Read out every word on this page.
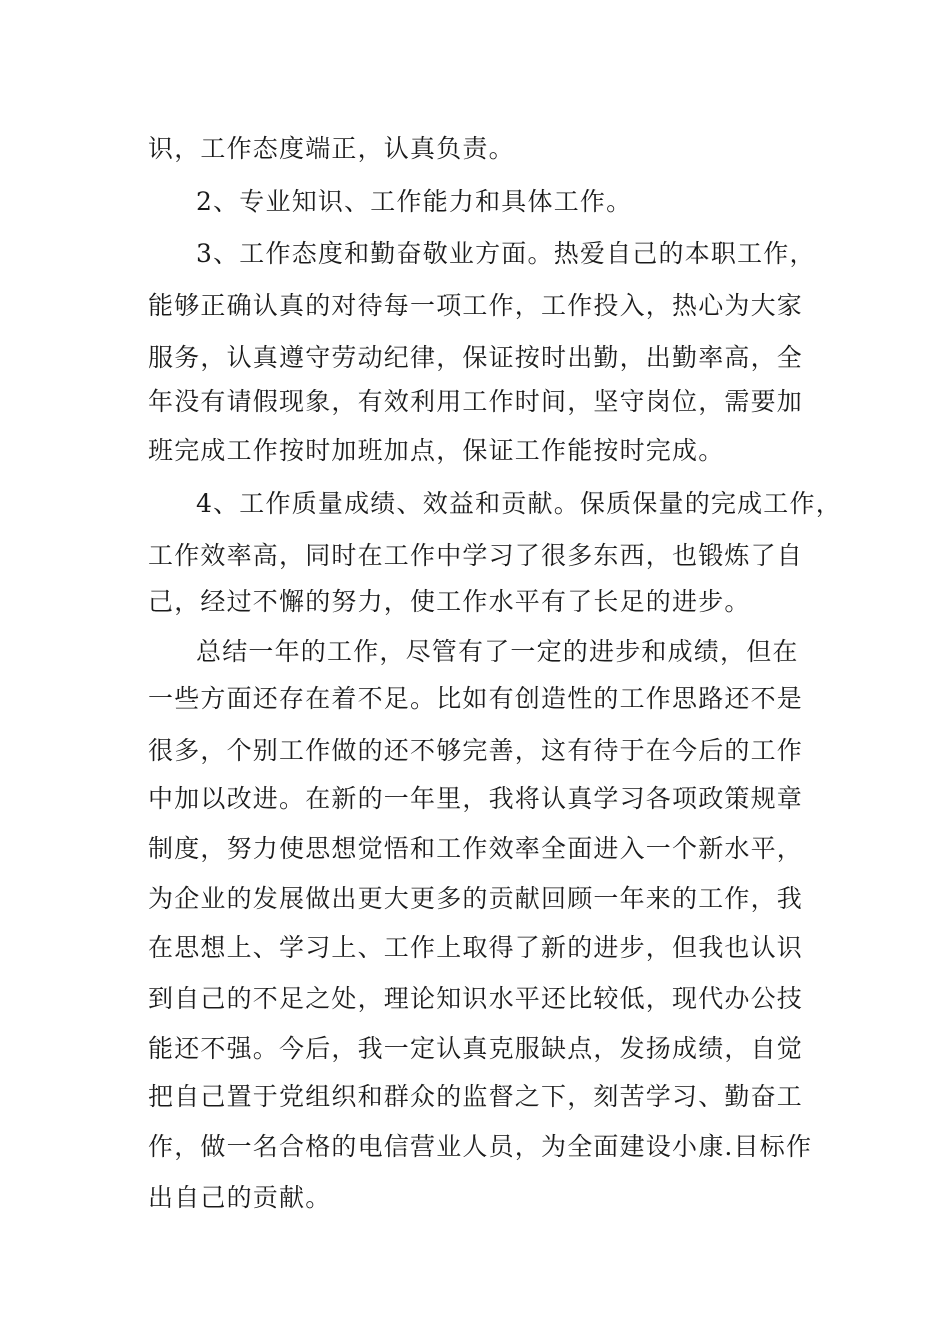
识，工作态度端正，认真负责。
2、专业知识、工作能力和具体工作。
3、工作态度和勤奋敬业方面。热爱自己的本职工作，
能够正确认真的对待每一项工作，工作投入，热心为大家
服务，认真遵守劳动纪律，保证按时出勤，出勤率高，全
年没有请假现象，有效利用工作时间，坚守岗位，需要加
班完成工作按时加班加点，保证工作能按时完成。
4、工作质量成绩、效益和贡献。保质保量的完成工作，
工作效率高，同时在工作中学习了很多东西，也锻炼了自
己，经过不懈的努力，使工作水平有了长足的进步。
总结一年的工作，尽管有了一定的进步和成绩，但在
一些方面还存在着不足。比如有创造性的工作思路还不是
很多，个别工作做的还不够完善，这有待于在今后的工作
中加以改进。在新的一年里，我将认真学习各项政策规章
制度，努力使思想觉悟和工作效率全面进入一个新水平，
为企业的发展做出更大更多的贡献回顾一年来的工作，我
在思想上、学习上、工作上取得了新的进步，但我也认识
到自己的不足之处，理论知识水平还比较低，现代办公技
能还不强。今后，我一定认真克服缺点，发扬成绩，自觉
把自己置于党组织和群众的监督之下，刻苦学习、勤奋工
作，做一名合格的电信营业人员，为全面建设小康.目标作
出自己的贡献。
